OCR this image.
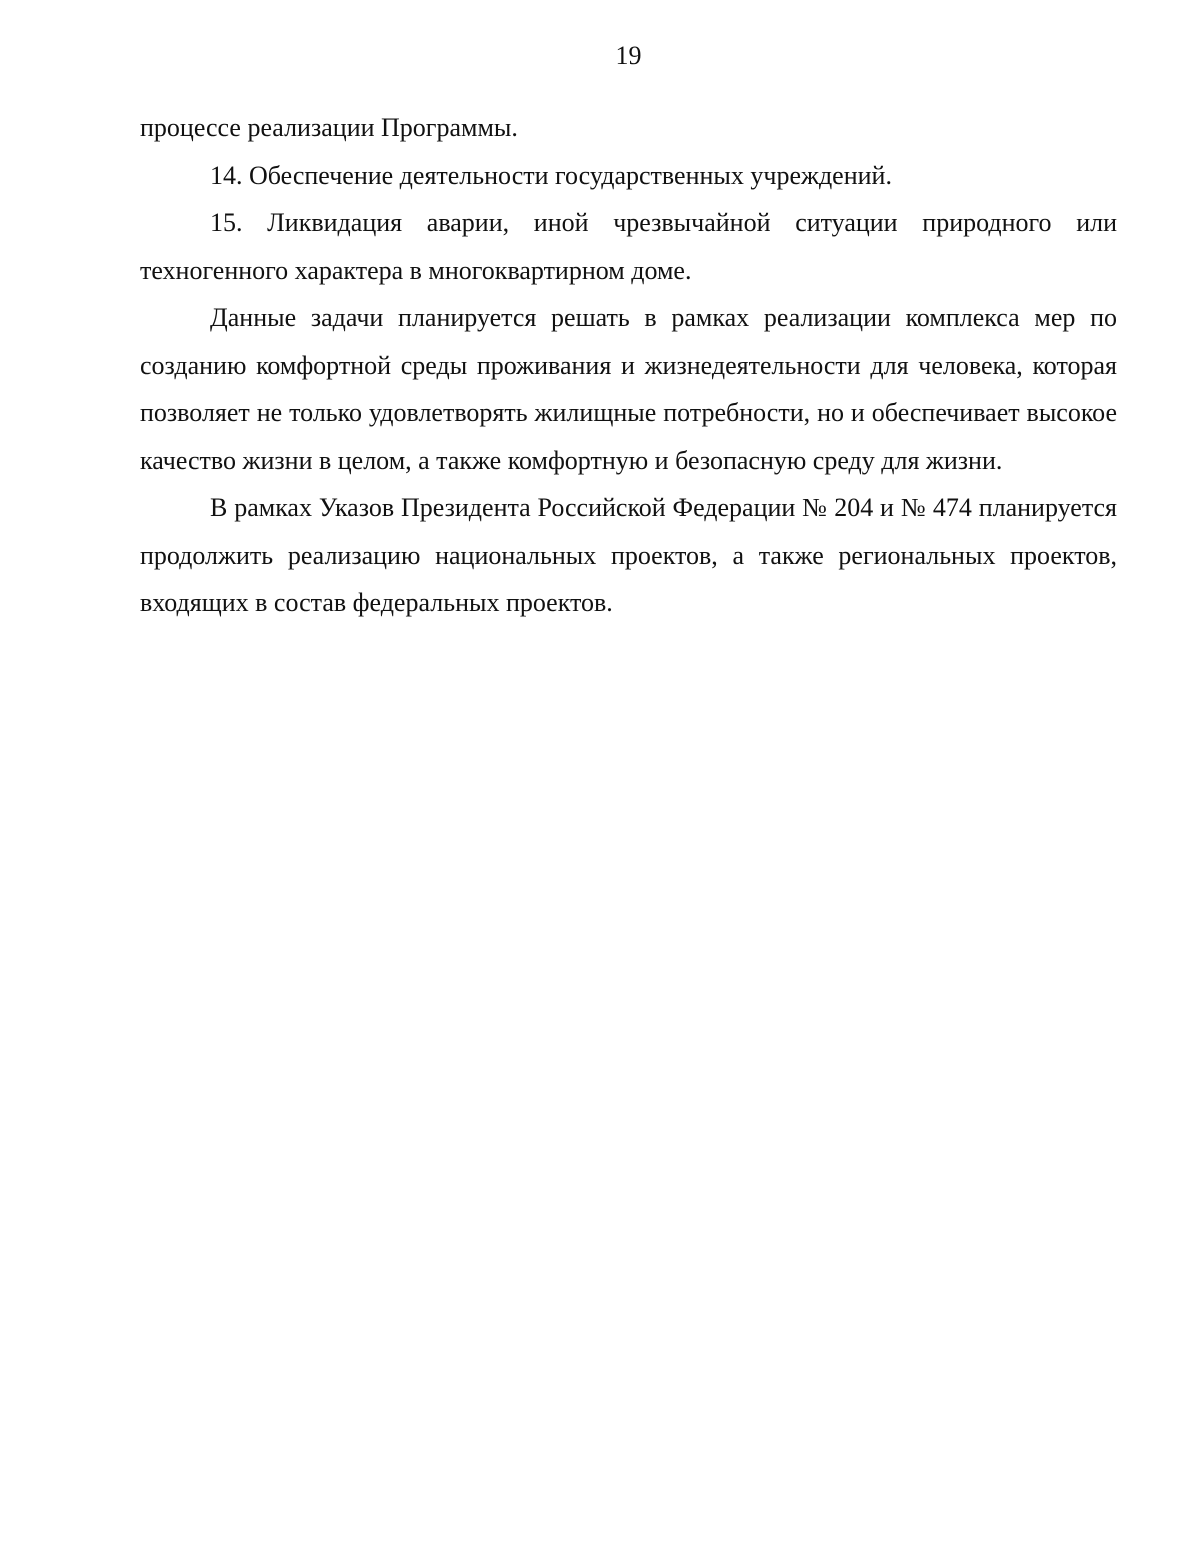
19

процессе реализации Программы.

14. Обеспечение деятельности государственных учреждений.

15. Ликвидация аварии, иной чрезвычайной ситуации природного или техногенного характера в многоквартирном доме.

Данные задачи планируется решать в рамках реализации комплекса мер по созданию комфортной среды проживания и жизнедеятельности для человека, которая позволяет не только удовлетворять жилищные потребности, но и обеспечивает высокое качество жизни в целом, а также комфортную и безопасную среду для жизни.

В рамках Указов Президента Российской Федерации № 204 и № 474 планируется продолжить реализацию национальных проектов, а также региональных проектов, входящих в состав федеральных проектов.
